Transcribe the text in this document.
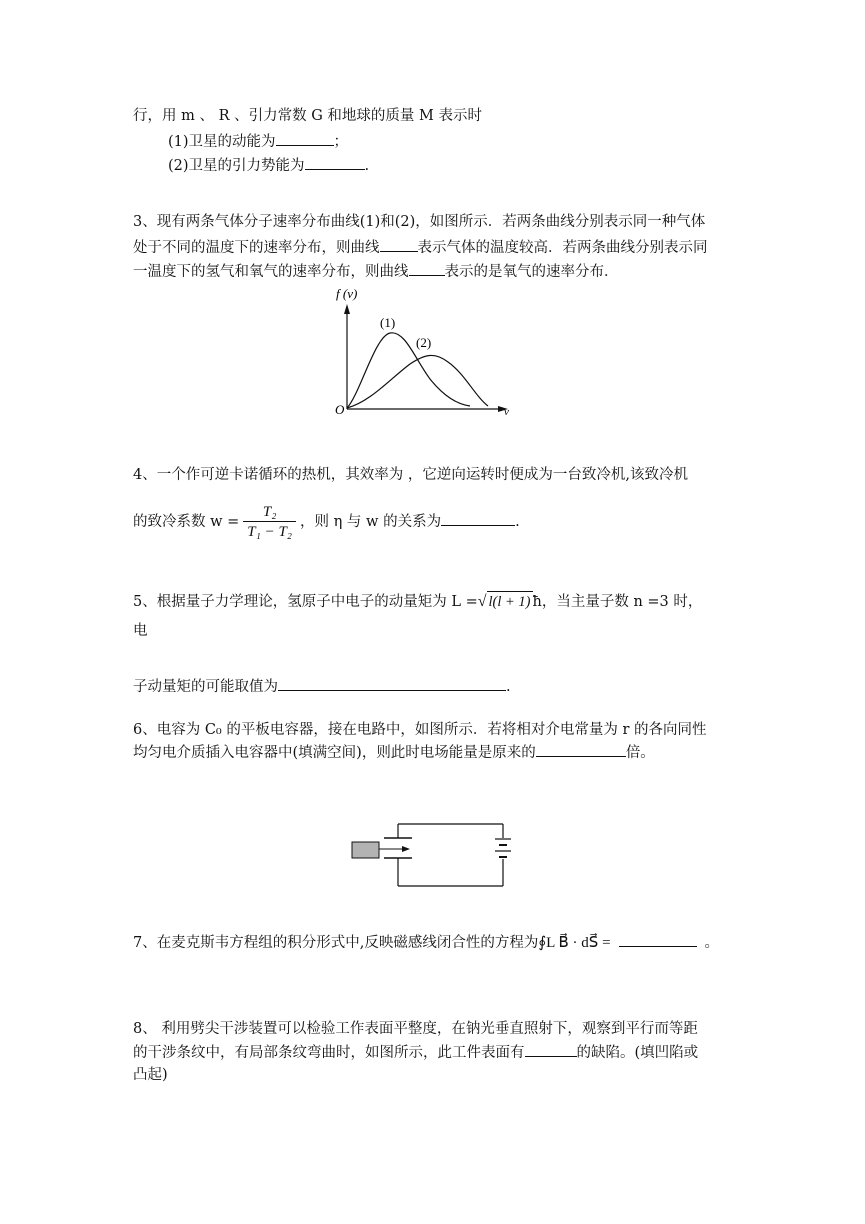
行，用 m 、 R 、引力常数 G 和地球的质量 M 表示时
(1)卫星的动能为	；
(2)卫星的引力势能为	.
3、现有两条气体分子速率分布曲线(1)和(2)，如图所示．若两条曲线分别表示同一种气体
处于不同的温度下的速率分布，则曲线	表示气体的温度较高．若两条曲线分别表示同
一温度下的氢气和氧气的速率分布，则曲线 表示的是氧气的速率分布．
f (v)
v
O
(1)
(2)
4、一个作可逆卡诺循环的热机，其效率为 ，它逆向运转时便成为一台致冷机,该致冷机
的致冷系数 $w = \frac{\text{T₂}}{\text{T₁ − T₂}}$ ，则 η 与 w 的关系为	.
5、根据量子力学理论，氢原子中电子的动量矩为 L =√ l(l + 1) ħ，当主量子数 n =3 时，
电
子动量矩的可能取值为	.
6、电容为 C₀ 的平板电容器，接在电路中，如图所示．若将相对介电常量为 r 的各向同性
均匀电介质插入电容器中(填满空间)，则此时电场能量是原来的	倍。
7、在麦克斯韦方程组的积分形式中,反映磁感线闭合性的方程为∮L B⃗ · dS⃗ =	。
8、 利用劈尖干涉装置可以检验工作表面平整度，在钠光垂直照射下，观察到平行而等距
的干涉条纹中，有局部条纹弯曲时，如图所示，此工件表面有	的缺陷。(填凹陷或
凸起)
